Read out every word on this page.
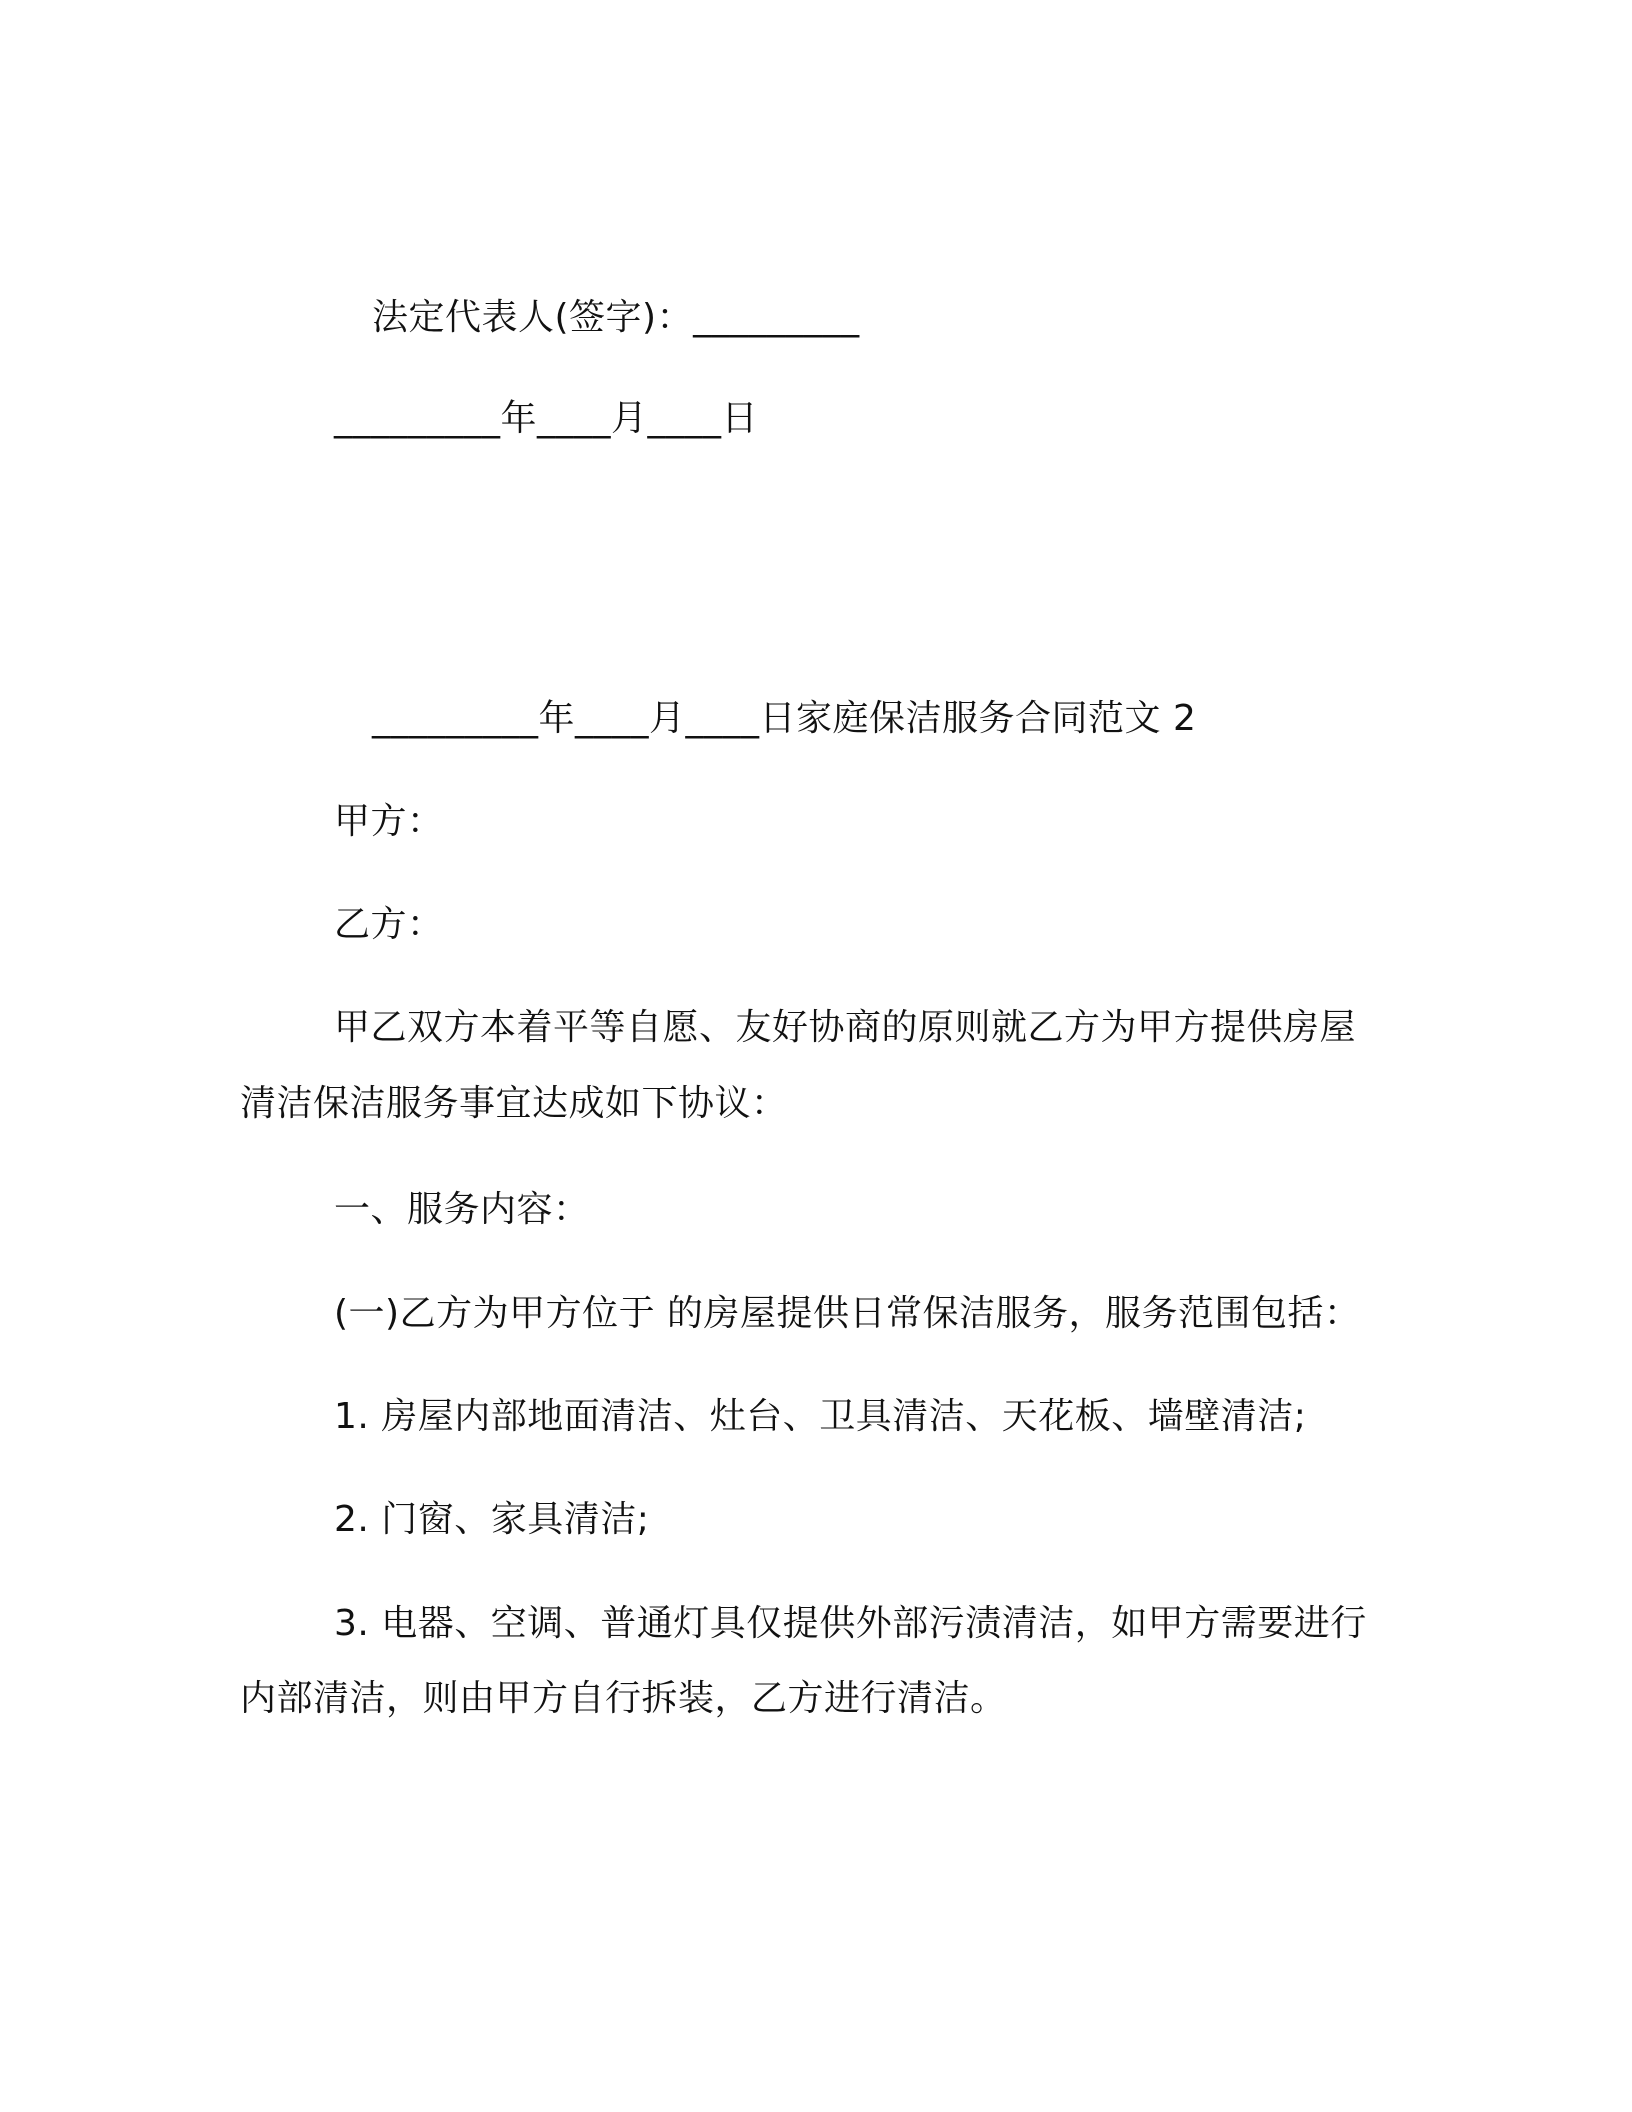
法定代表人(签字)：_________
_________年____月____日
_________年____月____日家庭保洁服务合同范文 2
甲方：
乙方：
甲乙双方本着平等自愿、友好协商的原则就乙方为甲方提供房屋
清洁保洁服务事宜达成如下协议：
一、服务内容：
(一)乙方为甲方位于 的房屋提供日常保洁服务，服务范围包括：
1. 房屋内部地面清洁、灶台、卫具清洁、天花板、墙壁清洁;
2. 门窗、家具清洁;
3. 电器、空调、普通灯具仅提供外部污渍清洁，如甲方需要进行
内部清洁，则由甲方自行拆装，乙方进行清洁。
